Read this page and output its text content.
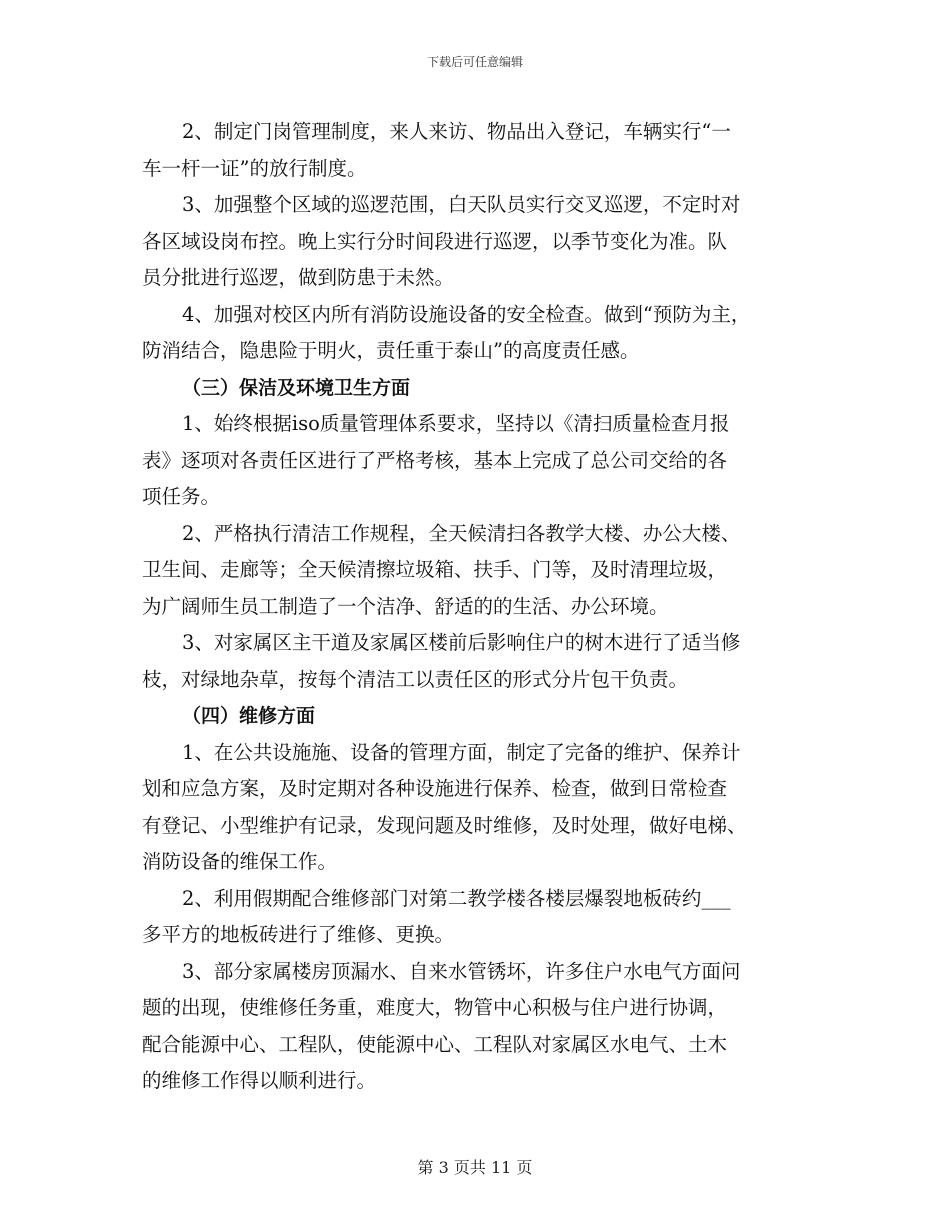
下载后可任意编辑
2、制定门岗管理制度，来人来访、物品出入登记，车辆实行“一
车一杆一证”的放行制度。
3、加强整个区域的巡逻范围，白天队员实行交叉巡逻，不定时对
各区域设岗布控。晚上实行分时间段进行巡逻，以季节变化为准。队
员分批进行巡逻，做到防患于未然。
4、加强对校区内所有消防设施设备的安全检查。做到“预防为主，
防消结合，隐患险于明火，责任重于泰山”的高度责任感。
（三）保洁及环境卫生方面
1、始终根据iso质量管理体系要求，坚持以《清扫质量检查月报
表》逐项对各责任区进行了严格考核，基本上完成了总公司交给的各
项任务。
2、严格执行清洁工作规程，全天候清扫各教学大楼、办公大楼、
卫生间、走廊等；全天候清擦垃圾箱、扶手、门等，及时清理垃圾，
为广阔师生员工制造了一个洁净、舒适的的生活、办公环境。
3、对家属区主干道及家属区楼前后影响住户的树木进行了适当修
枝，对绿地杂草，按每个清洁工以责任区的形式分片包干负责。
（四）维修方面
1、在公共设施施、设备的管理方面，制定了完备的维护、保养计
划和应急方案，及时定期对各种设施进行保养、检查，做到日常检查
有登记、小型维护有记录，发现问题及时维修，及时处理，做好电梯、
消防设备的维保工作。
2、利用假期配合维修部门对第二教学楼各楼层爆裂地板砖约___
多平方的地板砖进行了维修、更换。
3、部分家属楼房顶漏水、自来水管锈坏，许多住户水电气方面问
题的出现，使维修任务重，难度大，物管中心积极与住户进行协调，
配合能源中心、工程队，使能源中心、工程队对家属区水电气、土木
的维修工作得以顺利进行。
第 3 页共 11 页
